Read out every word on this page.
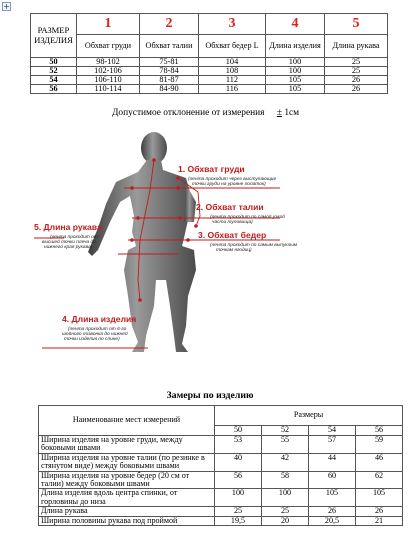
+
РАЗМЕР ИЗДЕЛИЯ	1	2	3	4	5
	Обхват груди	Обхват талии	Обхват бедер L	Длина изделия	Длина рукава
50	98-102	75-81	104	100	25
52	102-106	78-84	108	100	25
54	106-110	81-87	112	105	26
56	110-114	84-90	116	105	26
Допустимое отклонение от измерения ± 1см
1. Обхват груди
(лента проходит через выступающие
точки груди на уровне лопаток)
2. Обхват талии
(лента проходит по самой узкой
части туловища)
3. Обхват бедер
(лента проходит по самым выпуклым
точкам ягодиц)
5. Длина рукава
(лента проходит от
высшей точки плеча до
нижнего края рукава)
4. Длина изделия
(лента проходит от 6-го
шейного позвонка до нижней
точки изделия по спине)
Замеры по изделию
Наименование мест измерений	Размеры			
	50	52	54	56
Ширина изделия на уровне груди, между боковыми швами	53	55	57	59
Ширина изделия на уровне талии (по резинке в стянутом виде) между боковыми швами	40	42	44	46
Ширина изделия на уровне бедер (20 см от талии) между боковыми швами	56	58	60	62
Длина изделия вдоль центра спинки, от горловины до низа	100	100	105	105
Длина рукава	25	25	26	26
Ширина половины рукава под проймой	19,5	20	20,5	21
